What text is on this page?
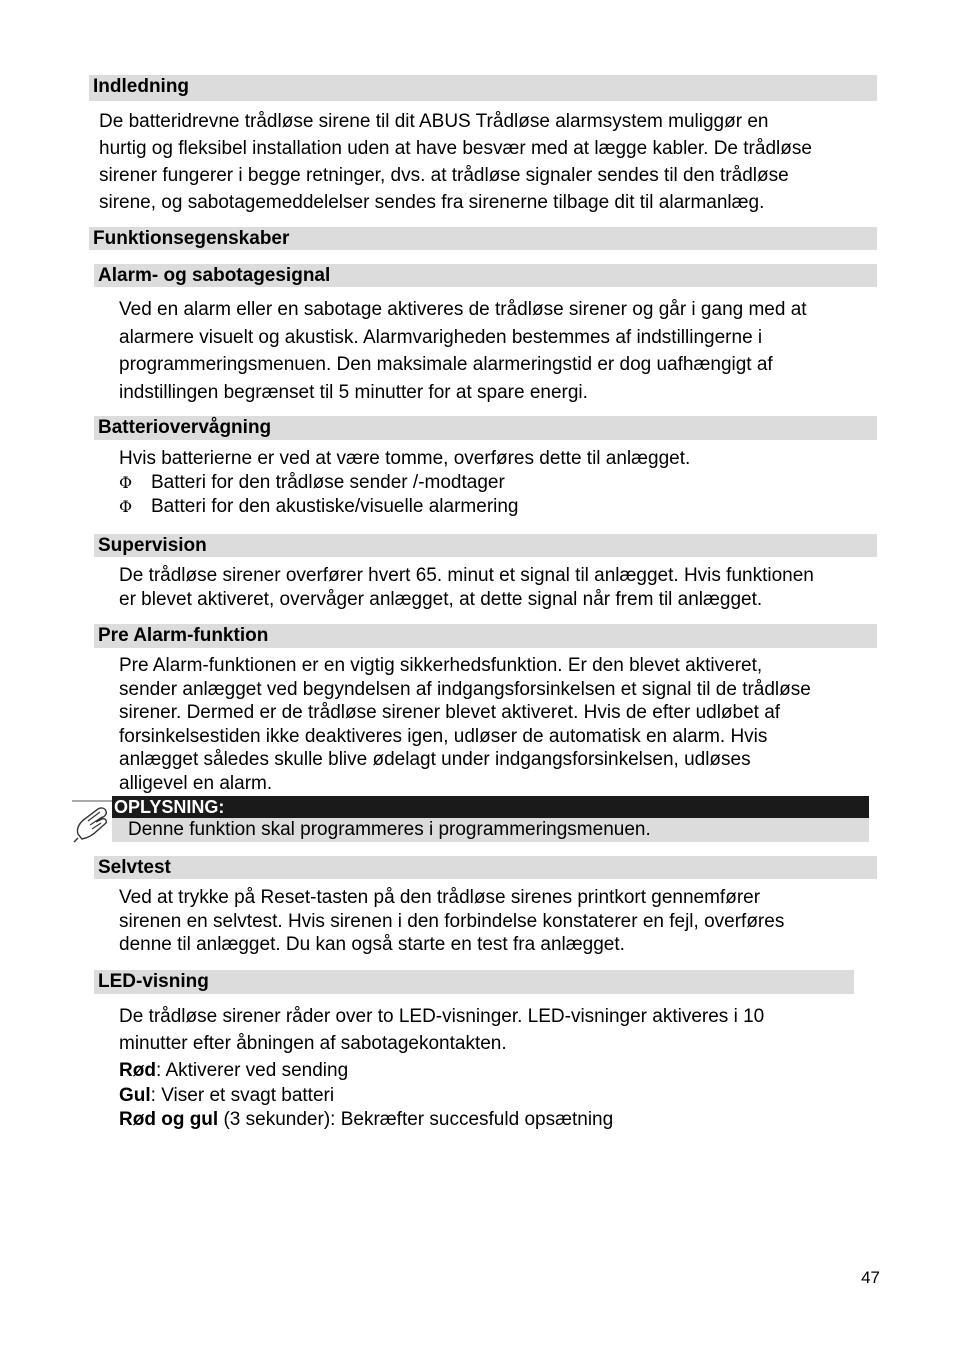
Indledning

De batteridrevne trådløse sirene til dit ABUS Trådløse alarmsystem muliggør en

hurtig og fleksibel installation uden at have besvær med at lægge kabler. De trådløse

sirener fungerer i begge retninger, dvs. at trådløse signaler sendes til den trådløse

sirene, og sabotagemeddelelser sendes fra sirenerne tilbage dit til alarmanlæg.

Funktionsegenskaber
Alarm- og sabotagesignal

Ved en alarm eller en sabotage aktiveres de trådløse sirener og går i gang med at

alarmere visuelt og akustisk. Alarmvarigheden bestemmes af indstillingerne i

programmeringsmenuen. Den maksimale alarmeringstid er dog uafhængigt af

indstillingen begrænset til 5 minutter for at spare energi.

Batteriovervågning

Hvis batterierne er ved at være tomme, overføres dette til anlægget.

Φ Batteri for den trådløse sender /-modtager
Φ Batteri for den akustiske/visuelle alarmering
Supervision

De trådløse sirener overfører hvert 65. minut et signal til anlægget. Hvis funktionen

er blevet aktiveret, overvåger anlægget, at dette signal når frem til anlægget.

Pre Alarm-funktion

Pre Alarm-funktionen er en vigtig sikkerhedsfunktion. Er den blevet aktiveret,

sender anlægget ved begyndelsen af indgangsforsinkelsen et signal til de trådløse

sirener. Dermed er de trådløse sirener blevet aktiveret. Hvis de efter udløbet af

forsinkelsestiden ikke deaktiveres igen, udløser de automatisk en alarm. Hvis

anlægget således skulle blive ødelagt under indgangsforsinkelsen, udløses

alligevel en alarm.

OPLYSNING:
Denne funktion skal programmeres i programmeringsmenuen.
Selvtest

Ved at trykke på Reset-tasten på den trådløse sirenes printkort gennemfører

sirenen en selvtest. Hvis sirenen i den forbindelse konstaterer en fejl, overføres

denne til anlægget. Du kan også starte en test fra anlægget.

LED-visning

De trådløse sirener råder over to LED-visninger. LED-visninger aktiveres i 10

minutter efter åbningen af sabotagekontakten.

Rød: Aktiverer ved sending
Gul: Viser et svagt batteri
Rød og gul (3 sekunder): Bekræfter succesfuld opsætning
47
